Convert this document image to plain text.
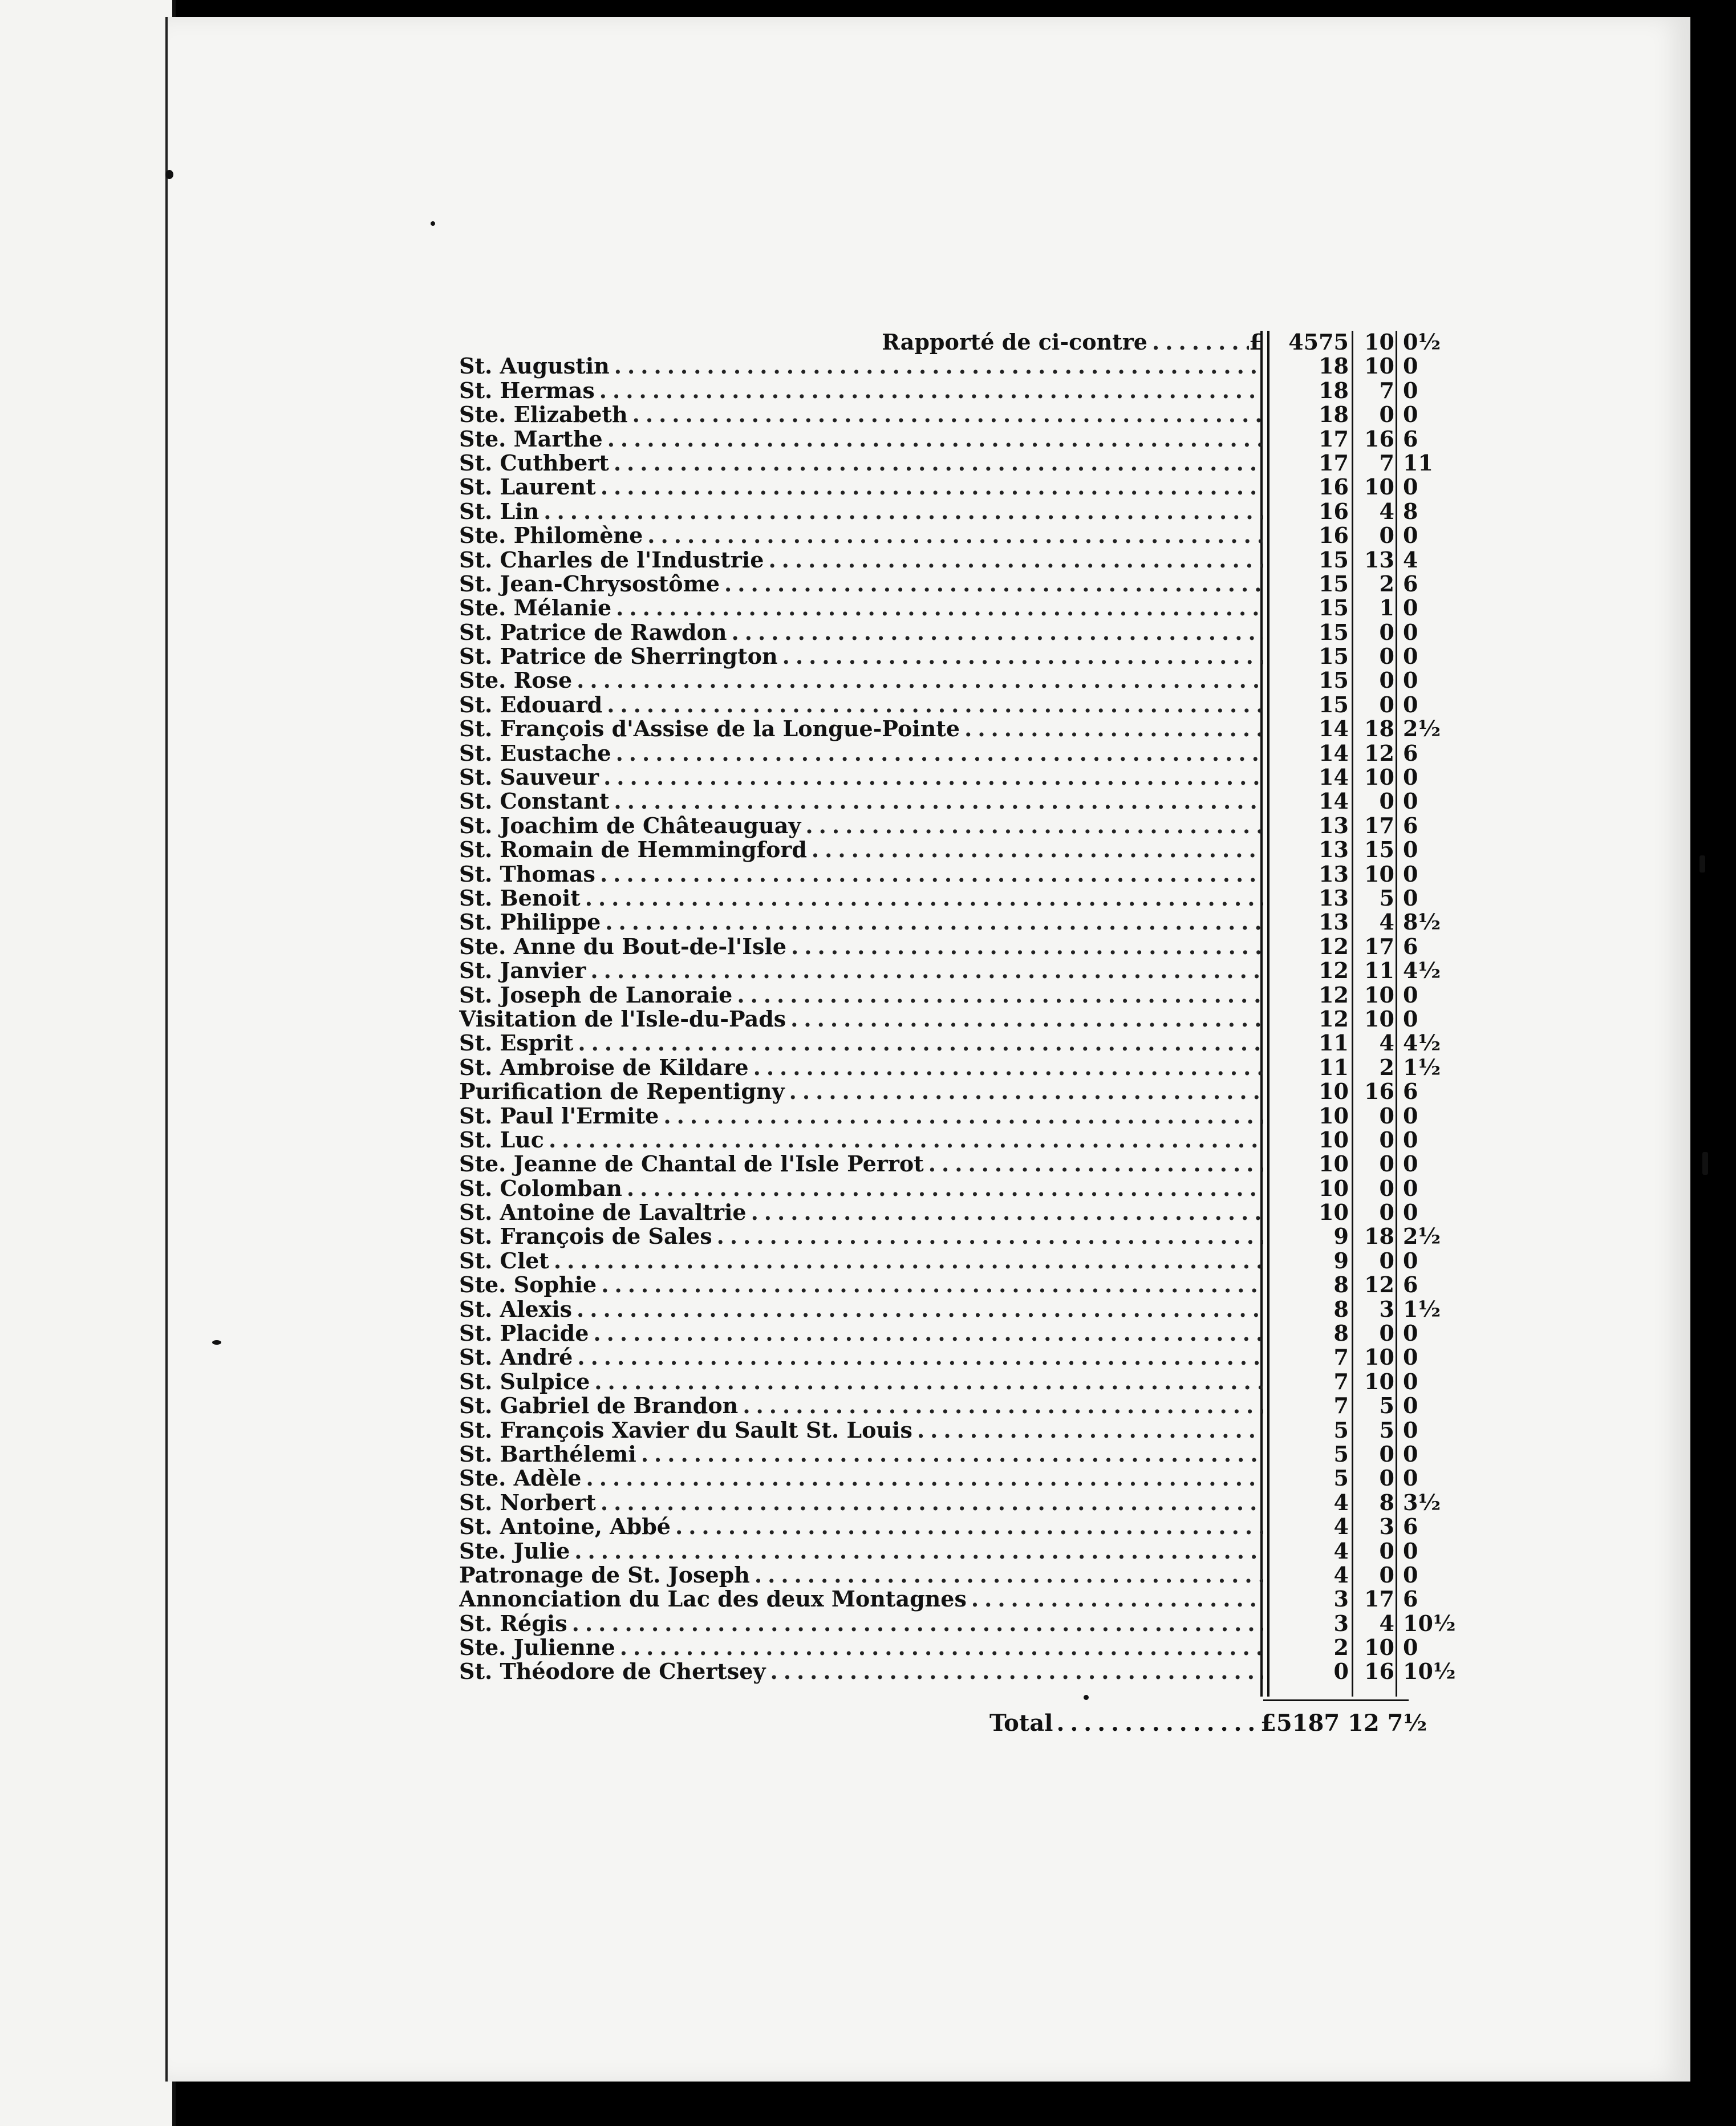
Rapporté de ci-contre .....	£	4575 10 0½
St. Augustin .....	18 10 0
St. Hermas .....	18	7 0
Ste. Elizabeth .....	18	0 0
Ste. Marthe .....	17 16 6
St. Cuthbert .....	17	7 11
St. Laurent .....	16 10 0
St. Lin .....	16	4 8
Ste. Philomène .....	16	0 0
St. Charles de l'Industrie .....	15 13 4
St. Jean-Chrysostôme .....	15	2 6
Ste. Mélanie .....	15	1 0
St. Patrice de Rawdon .....	15	0 0
St. Patrice de Sherrington .....	15	0 0
Ste. Rose .....	15	0 0
St. Edouard .....	15	0 0
St. François d'Assise de la Longue-Pointe .....	14 18 2½
St. Eustache .....	14 12 6
St. Sauveur .....	14 10 0
St. Constant .....	14	0 0
St. Joachim de Châteauguay .....	13 17 6
St. Romain de Hemmingford .....	13 15 0
St. Thomas .....	13 10 0
St. Benoit .....	13	5 0
St. Philippe .....	13	4 8½
Ste. Anne du Bout-de-l'Isle .....	12 17 6
St. Janvier .....	12 11 4½
St. Joseph de Lanoraie .....	12 10 0
Visitation de l'Isle-du-Pads .....	12 10 0
St. Esprit .....	11	4 4½
St. Ambroise de Kildare .....	11	2 1½
Purification de Repentigny .....	10 16 6
St. Paul l'Ermite .....	10	0 0
St. Luc .....	10	0 0
Ste. Jeanne de Chantal de l'Isle Perrot .....	10	0 0
St. Colomban .....	10	0 0
St. Antoine de Lavaltrie .....	10	0 0
St. François de Sales .....	9 18 2½
St. Clet .....	9	0 0
Ste. Sophie .....	8 12 6
St. Alexis .....	8	3 1½
St. Placide .....	8	0 0
St. André .....	7 10 0
St. Sulpice .....	7 10 0
St. Gabriel de Brandon .....	7	5 0
St. François Xavier du Sault St. Louis .....	5	5 0
St. Barthélemi .....	5	0 0
Ste. Adèle .....	5	0 0
St. Norbert .....	4	8 3½
St. Antoine, Abbé .....	4	3 6
Ste. Julie .....	4	0 0
Patronage de St. Joseph .....	4	0 0
Annonciation du Lac des deux Montagnes .....	3 17 6
St. Régis .....	3	4 10½
Ste. Julienne .....	2 10 0
St. Théodore de Chertsey .....	0 16 10½
Total .....	£5187 12 7½
